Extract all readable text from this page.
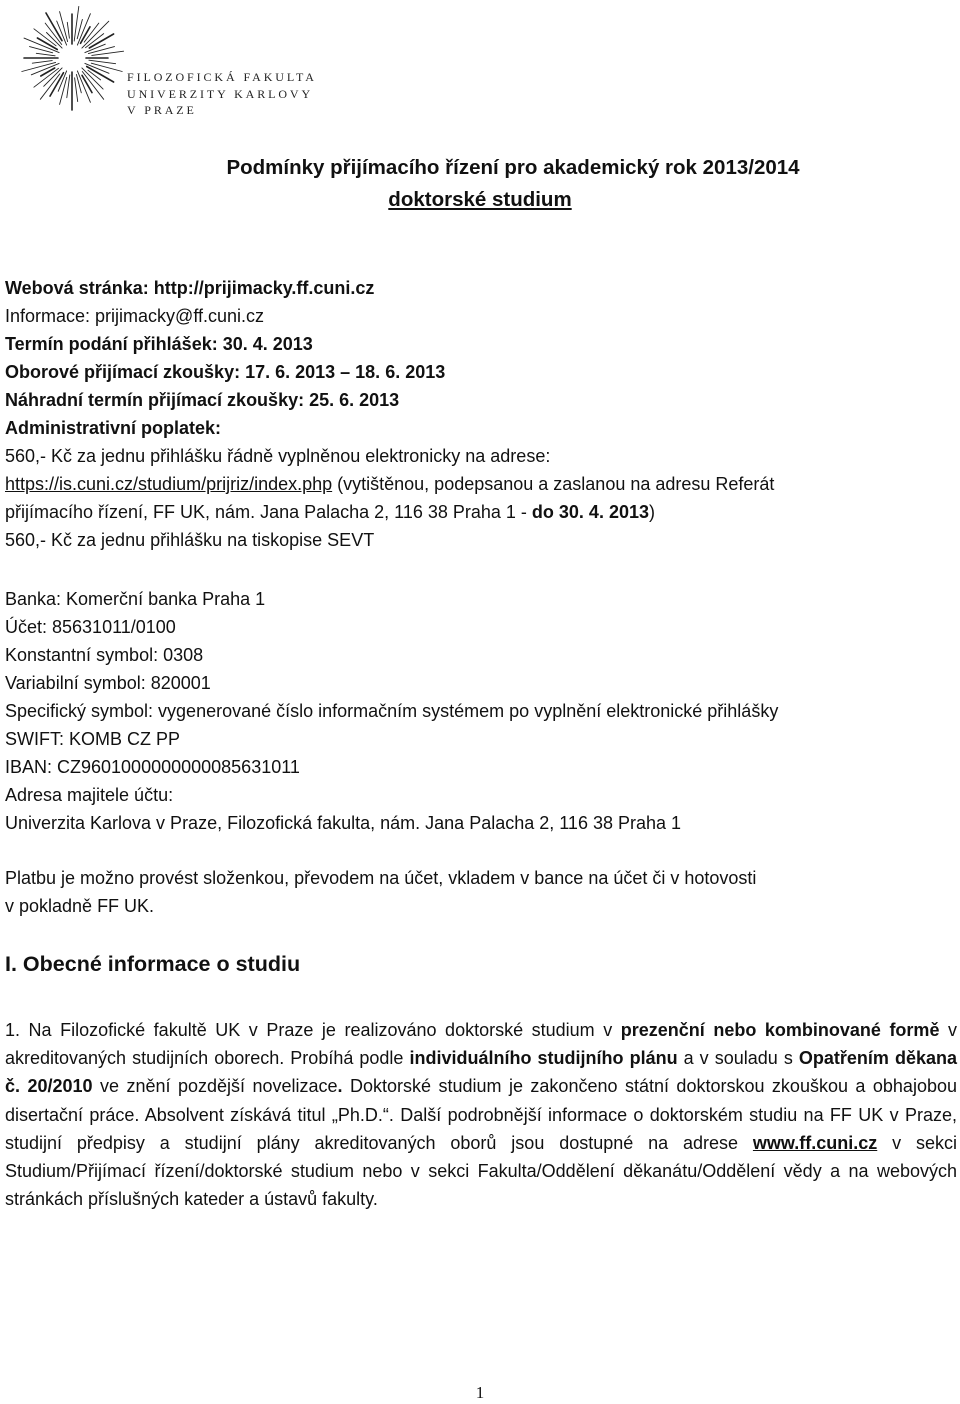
FILOZOFICKÁ FAKULTA
UNIVERZITY KARLOVY
V PRAZE
Podmínky přijímacího řízení pro akademický rok 2013/2014
doktorské studium
Webová stránka: http://prijimacky.ff.cuni.cz
Informace: prijimacky@ff.cuni.cz
Termín podání přihlášek: 30. 4. 2013
Oborové přijímací zkoušky: 17. 6. 2013 – 18. 6. 2013
Náhradní termín přijímací zkoušky: 25. 6. 2013
Administrativní poplatek:
560,- Kč za jednu přihlášku řádně vyplněnou elektronicky na adrese:
https://is.cuni.cz/studium/prijriz/index.php (vytištěnou, podepsanou a zaslanou na adresu Referát
přijímacího řízení, FF UK, nám. Jana Palacha 2, 116 38 Praha 1 - do 30. 4. 2013)
560,- Kč za jednu přihlášku na tiskopise SEVT
Banka: Komerční banka Praha 1
Účet: 85631011/0100
Konstantní symbol: 0308
Variabilní symbol: 820001
Specifický symbol: vygenerované číslo informačním systémem po vyplnění elektronické přihlášky
SWIFT: KOMB CZ PP
IBAN: CZ9601000000000085631011
Adresa majitele účtu:
Univerzita Karlova v Praze, Filozofická fakulta, nám. Jana Palacha 2, 116 38 Praha 1
Platbu je možno provést složenkou, převodem na účet, vkladem v bance na účet či v hotovosti
v pokladně FF UK.
I. Obecné informace o studiu
1. Na Filozofické fakultě UK v Praze je realizováno doktorské studium v prezenční nebo kombinované formě v akreditovaných studijních oborech. Probíhá podle individuálního studijního plánu a v souladu s Opatřením děkana č. 20/2010 ve znění pozdější novelizace. Doktorské studium je zakončeno státní doktorskou zkouškou a obhajobou disertační práce. Absolvent získává titul „Ph.D.“. Další podrobnější informace o doktorském studiu na FF UK v Praze, studijní předpisy a studijní plány akreditovaných oborů jsou dostupné na adrese www.ff.cuni.cz v sekci Studium/Přijímací řízení/doktorské studium nebo v sekci Fakulta/Oddělení děkanátu/Oddělení vědy a na webových stránkách příslušných kateder a ústavů fakulty.
1
